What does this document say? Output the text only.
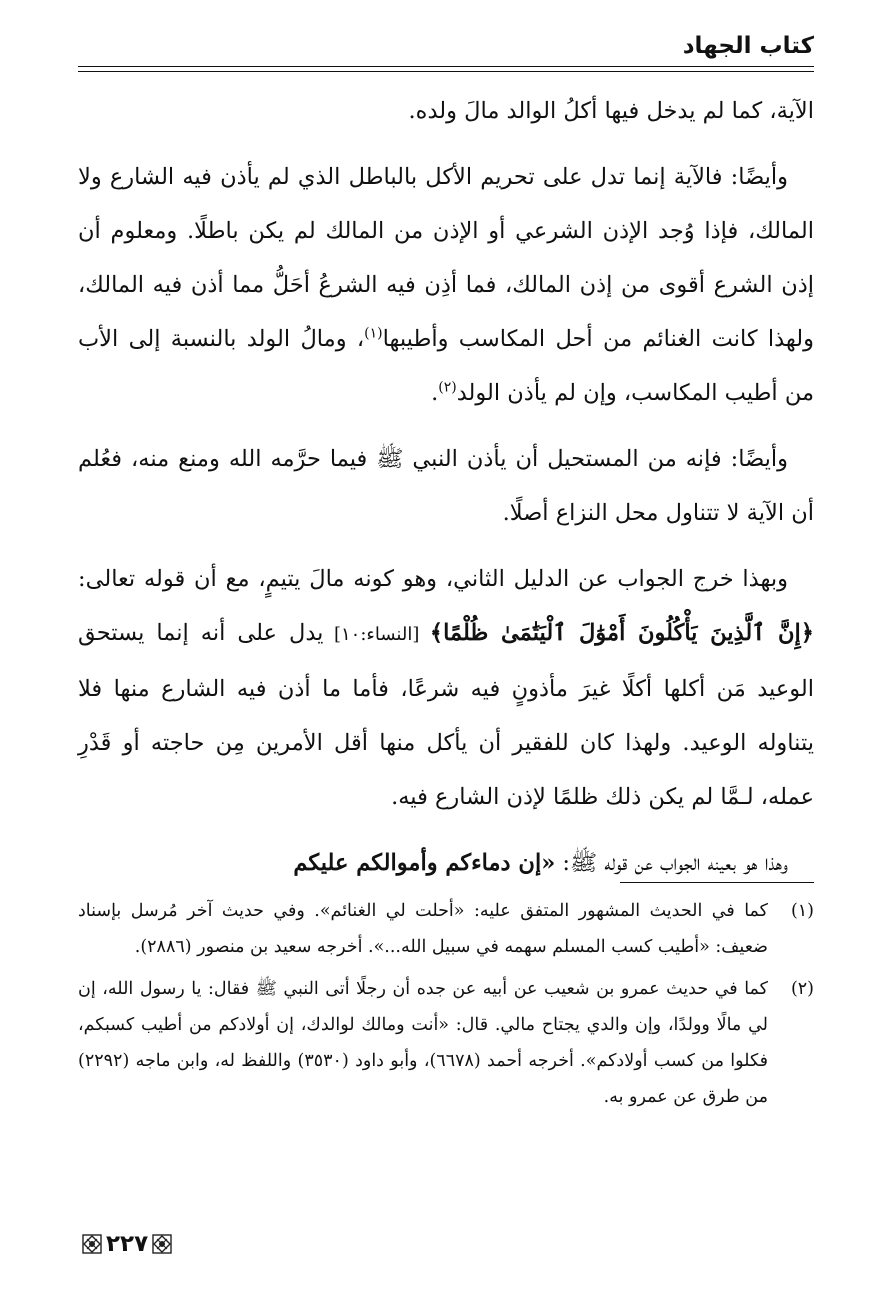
كتاب الجهاد

الآية، كما لم يدخل فيها أكلُ الوالد مالَ ولده.

وأيضًا: فالآية إنما تدل على تحريم الأكل بالباطل الذي لم يأذن فيه الشارع ولا المالك، فإذا وُجد الإذن الشرعي أو الإذن من المالك لم يكن باطلًا. ومعلوم أن إذن الشرع أقوى من إذن المالك، فما أذِن فيه الشرعُ أحَلُّ مما أذن فيه المالك، ولهذا كانت الغنائم من أحل المكاسب وأطيبها$^{(١)}$، ومالُ الولد بالنسبة إلى الأب من أطيب المكاسب، وإن لم يأذن الولد$^{(٢)}$.

وأيضًا: فإنه من المستحيل أن يأذن النبي ﷺ فيما حرَّمه الله ومنع منه، فعُلم أن الآية لا تتناول محل النزاع أصلًا.

وبهذا خرج الجواب عن الدليل الثاني، وهو كونه مالَ يتيمٍ، مع أن قوله تعالى: ﴿إِنَّ ٱلَّذِينَ يَأْكُلُونَ أَمْوَٰلَ ٱلْيَتَٰمَىٰ ظُلْمًا﴾ [النساء:١٠] يدل على أنه إنما يستحق الوعيد مَن أكلها أكلًا غيرَ مأذونٍ فيه شرعًا، فأما ما أذن فيه الشارع منها فلا يتناوله الوعيد. ولهذا كان للفقير أن يأكل منها أقل الأمرين مِن حاجته أو قَدْرِ عمله، لـمَّا لم يكن ذلك ظلمًا لإذن الشارع فيه.

وهذا هو بعينه الجواب عن قوله ﷺ: «إن دماءكم وأموالكم عليكم

(١)
كما في الحديث المشهور المتفق عليه: «أحلت لي الغنائم». وفي حديث آخر مُرسل بإسناد ضعيف: «أطيب كسب المسلم سهمه في سبيل الله...». أخرجه سعيد بن منصور (٢٨٨٦).
(٢)
كما في حديث عمرو بن شعيب عن أبيه عن جده أن رجلًا أتى النبي ﷺ فقال: يا رسول الله، إن لي مالًا وولدًا، وإن والدي يجتاح مالي. قال: «أنت ومالك لوالدك، إن أولادكم من أطيب كسبكم، فكلوا من كسب أولادكم». أخرجه أحمد (٦٦٧٨)، وأبو داود (٣٥٣٠) واللفظ له، وابن ماجه (٢٢٩٢) من طرق عن عمرو به.
٢٢٧
